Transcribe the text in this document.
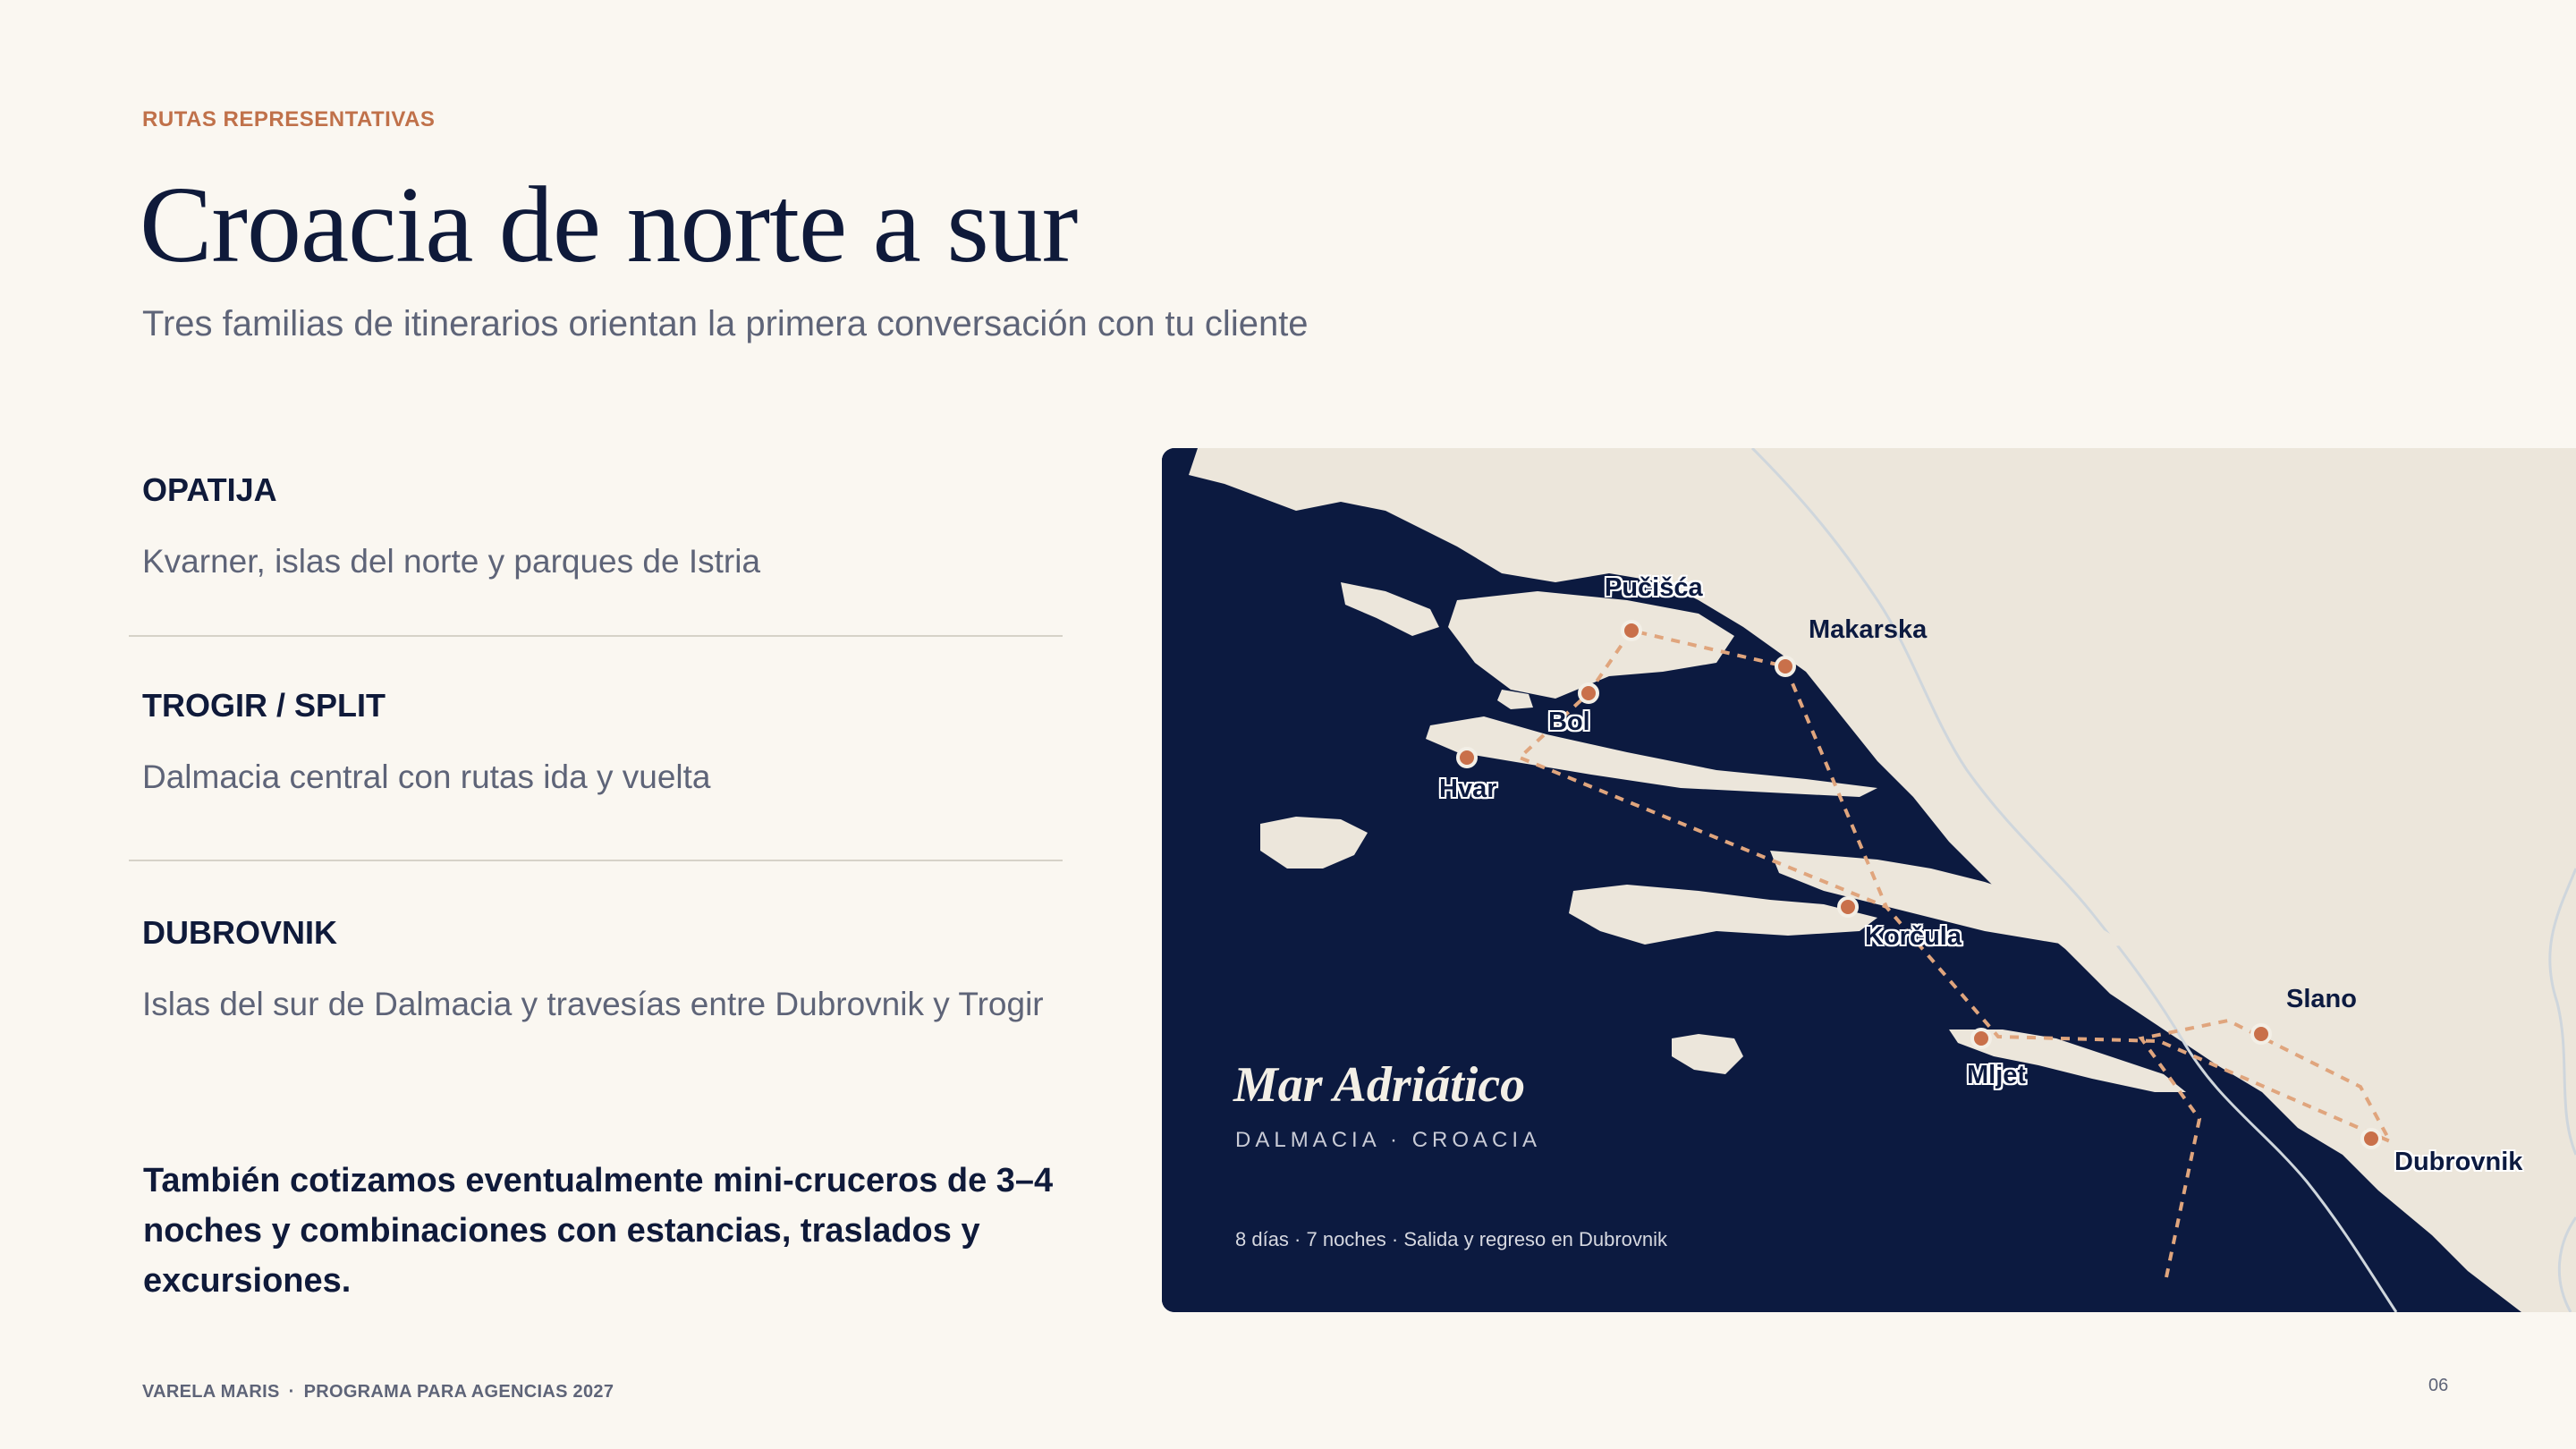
RUTAS REPRESENTATIVAS
Croacia de norte a sur
Tres familias de itinerarios orientan la primera conversación con tu cliente
OPATIJA
Kvarner, islas del norte y parques de Istria
TROGIR / SPLIT
Dalmacia central con rutas ida y vuelta
DUBROVNIK
Islas del sur de Dalmacia y travesías entre Dubrovnik y Trogir
También cotizamos eventualmente mini-cruceros de 3–4 noches y combinaciones con estancias, traslados y excursiones.
VARELA MARIS · PROGRAMA PARA AGENCIAS 2027	06
Pučišća
Makarska
Bol
Hvar
Korčula
Slano
Mljet
Dubrovnik
Mar Adriático
DALMACIA · CROACIA
8 días · 7 noches · Salida y regreso en Dubrovnik
